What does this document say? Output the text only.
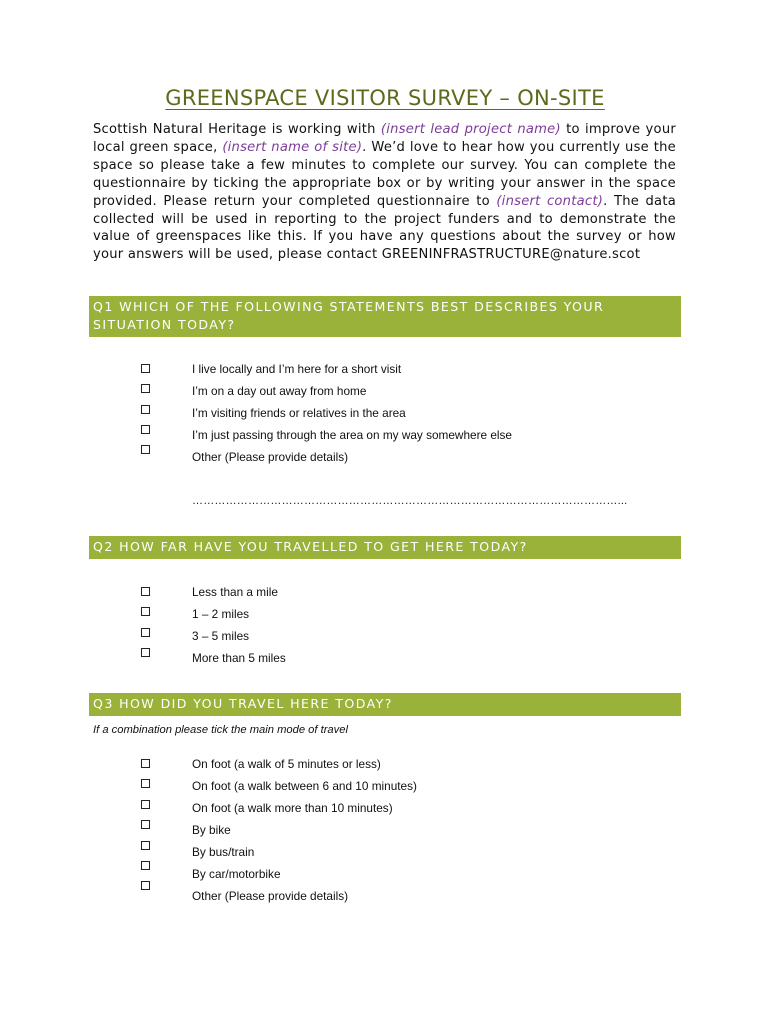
GREENSPACE VISITOR SURVEY – ON-SITE
Scottish Natural Heritage is working with (insert lead project name) to improve your local green space, (insert name of site). We’d love to hear how you currently use the space so please take a few minutes to complete our survey. You can complete the questionnaire by ticking the appropriate box or by writing your answer in the space provided. Please return your completed questionnaire to (insert contact). The data collected will be used in reporting to the project funders and to demonstrate the value of greenspaces like this. If you have any questions about the survey or how your answers will be used, please contact GREENINFRASTRUCTURE@nature.scot
Q1 WHICH OF THE FOLLOWING STATEMENTS BEST DESCRIBES YOUR SITUATION TODAY?
I live locally and I’m here for a short visit
I’m on a day out away from home
I’m visiting friends or relatives in the area
I’m just passing through the area on my way somewhere else
Other (Please provide details)
……………………………………………………………………………………………………...
Q2 HOW FAR HAVE YOU TRAVELLED TO GET HERE TODAY?
Less than a mile
1 – 2 miles
3 – 5 miles
More than 5 miles
Q3 HOW DID YOU TRAVEL HERE TODAY?
If a combination please tick the main mode of travel
On foot (a walk of 5 minutes or less)
On foot (a walk between 6 and 10 minutes)
On foot (a walk more than 10 minutes)
By bike
By bus/train
By car/motorbike
Other (Please provide details)
